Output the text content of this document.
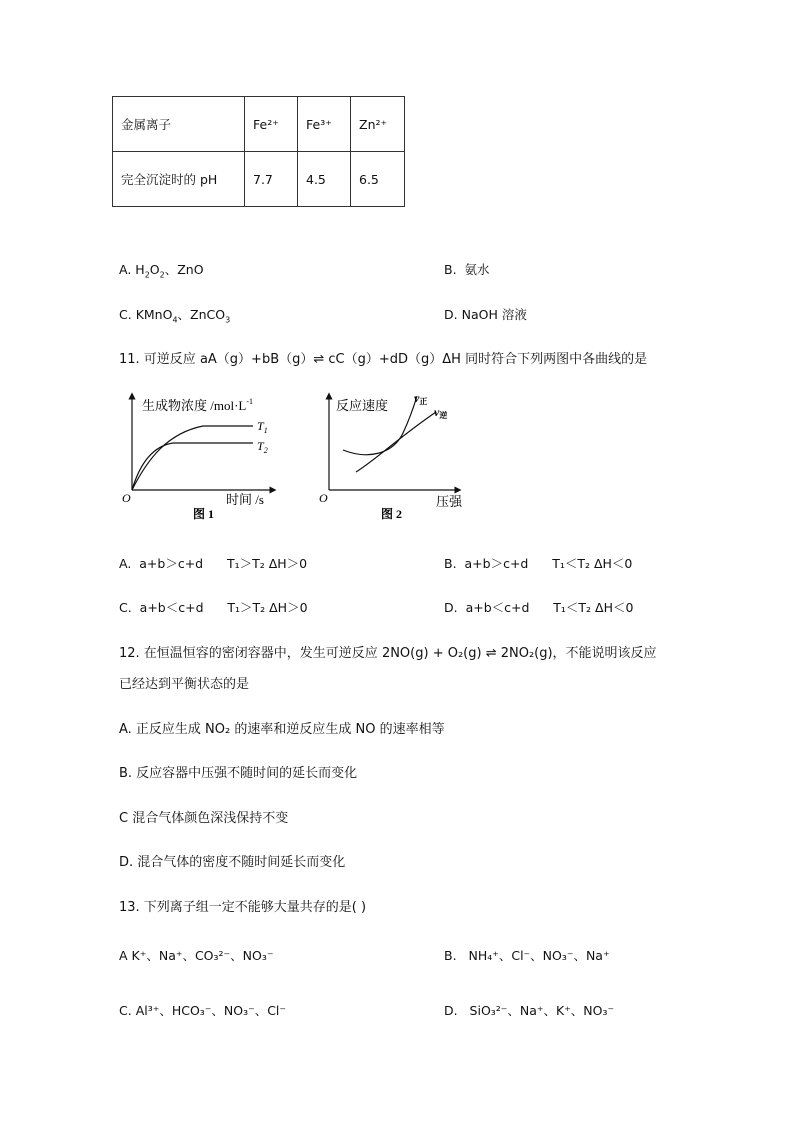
金属离子	Fe²⁺	Fe³⁺	Zn²⁺
完全沉淀时的 pH	7.7	4.5	6.5
A. $H_2O_2$、ZnO	B. 氨水
C. KMnO$_4$、ZnCO$_3$	D. NaOH 溶液
11. 可逆反应 aA（g）+bB（g）⇌ cC（g）+dD（g）ΔH 同时符合下列两图中各曲线的是
生成物浓度 $/mol\cdot L^{-1}$
$T_1$
$T_2$
O	时间 /s
图 1
反应速度 v正
v逆
O	压强
图 2
A. a+b＞c+d T₁＞T₂ ΔH＞0	B. a+b＞c+d T₁＜T₂ ΔH＜0
C. a+b＜c+d T₁＞T₂ ΔH＞0	D. a+b＜c+d T₁＜T₂ ΔH＜0
12. 在恒温恒容的密闭容器中，发生可逆反应 2NO(g) + O₂(g) ⇌ 2NO₂(g)，不能说明该反应
已经达到平衡状态的是
A. 正反应生成 NO₂ 的速率和逆反应生成 NO 的速率相等
B. 反应容器中压强不随时间的延长而变化
C 混合气体颜色深浅保持不变
D. 混合气体的密度不随时间延长而变化
13. 下列离子组一定不能够大量共存的是( )
A K⁺、Na⁺、CO₃²⁻、NO₃⁻	B. NH₄⁺、Cl⁻、NO₃⁻、Na⁺
C. Al³⁺、HCO₃⁻、NO₃⁻、Cl⁻	D. SiO₃²⁻、Na⁺、K⁺、NO₃⁻
